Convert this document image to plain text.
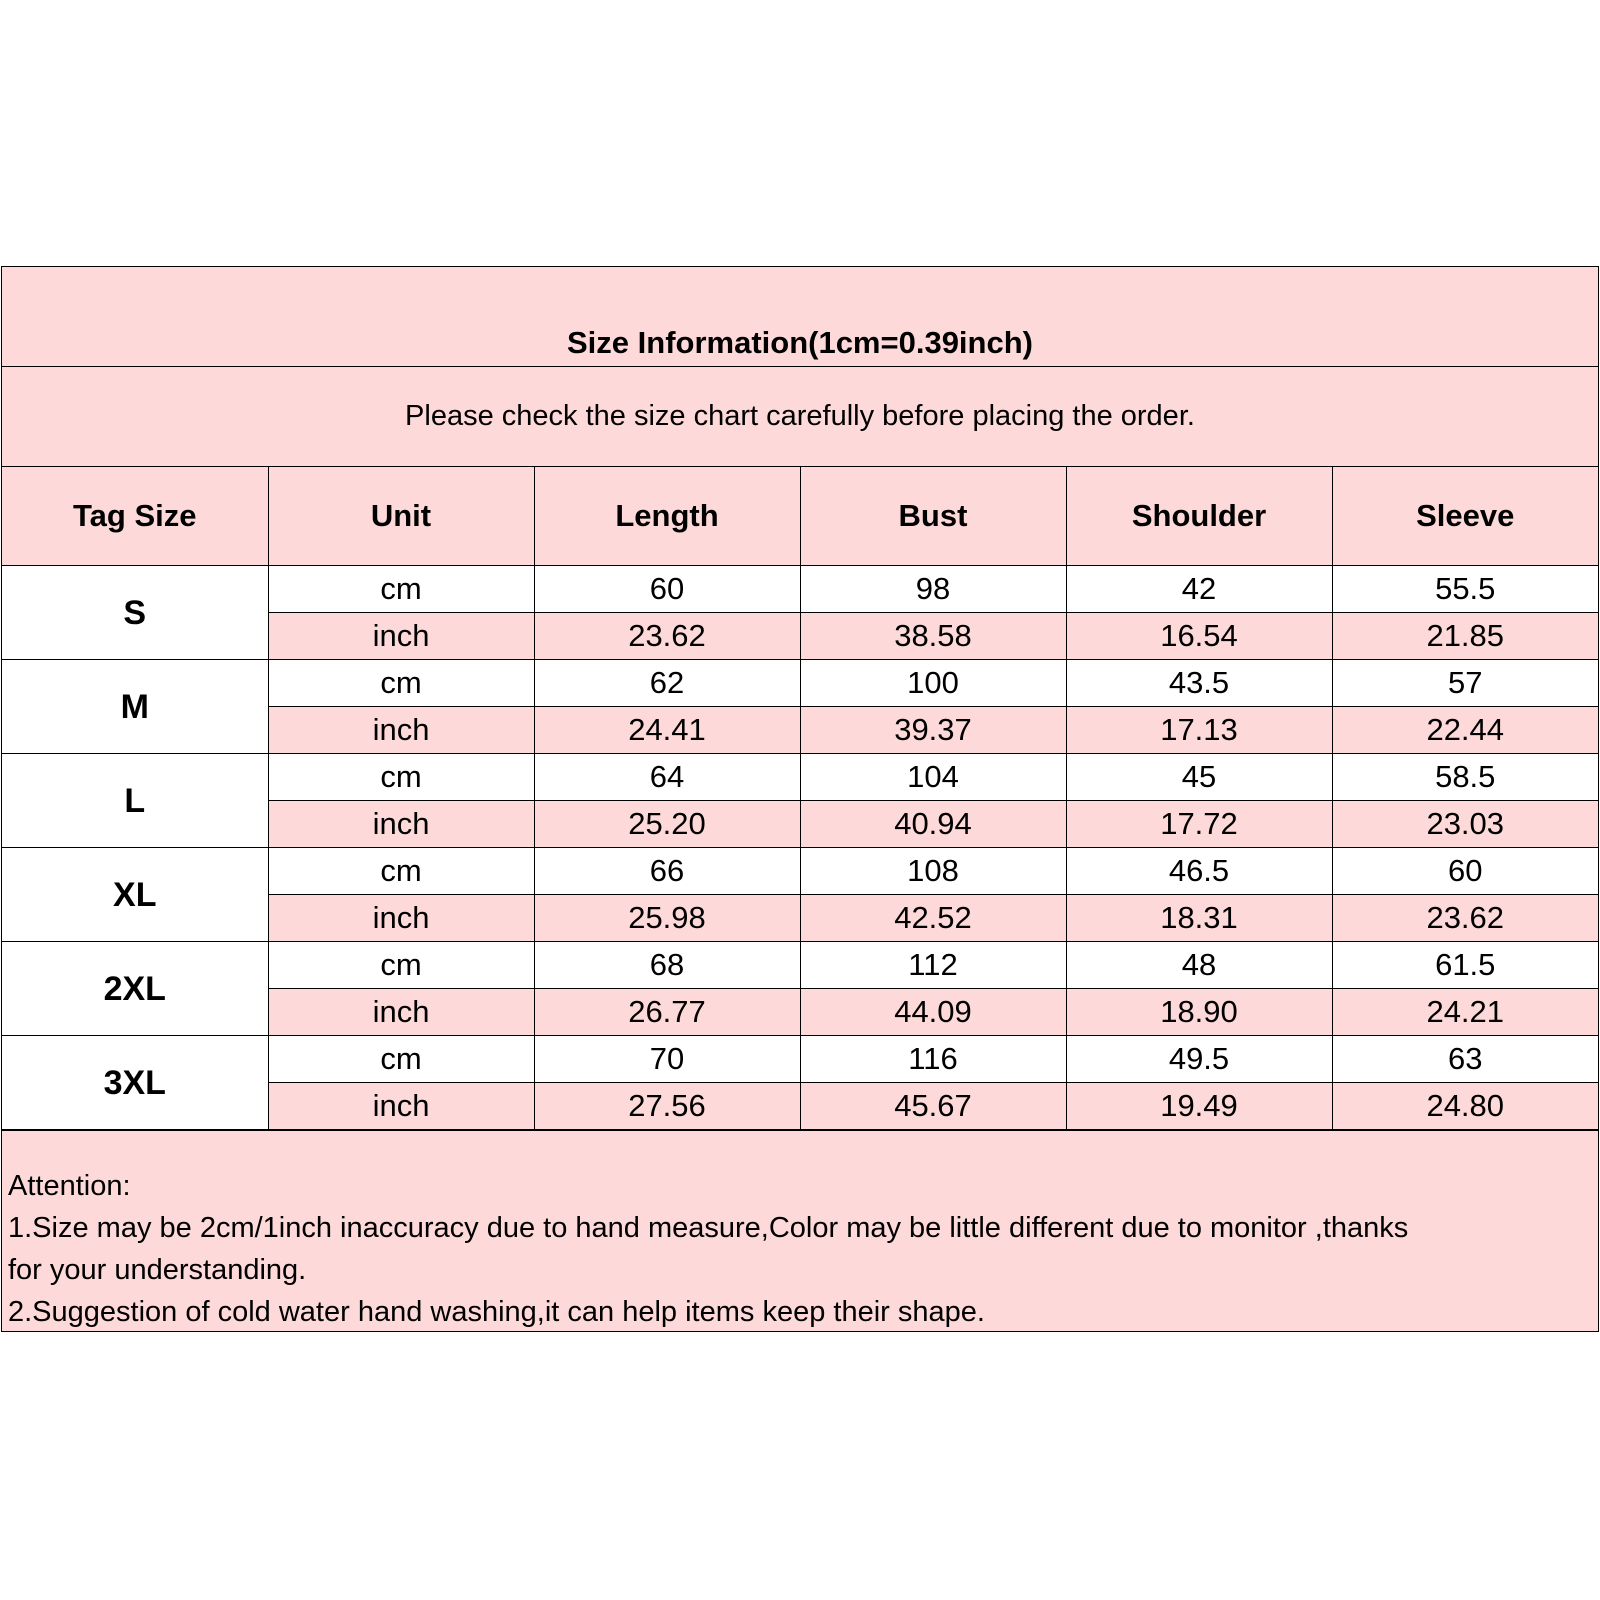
Size Information(1cm=0.39inch)
Please check the size chart carefully before placing the order.
Tag Size	Unit	Length	Bust	Shoulder	Sleeve
S	cm	60	98	42	55.5
	inch	23.62	38.58	16.54	21.85
M	cm	62	100	43.5	57
	inch	24.41	39.37	17.13	22.44
L	cm	64	104	45	58.5
	inch	25.20	40.94	17.72	23.03
XL	cm	66	108	46.5	60
	inch	25.98	42.52	18.31	23.62
2XL	cm	68	112	48	61.5
	inch	26.77	44.09	18.90	24.21
3XL	cm	70	116	49.5	63
	inch	27.56	45.67	19.49	24.80
Attention:
1.Size may be 2cm/1inch inaccuracy due to hand measure,Color may be little different due to monitor ,thanks
for your understanding.
2.Suggestion of cold water hand washing,it can help items keep their shape.
